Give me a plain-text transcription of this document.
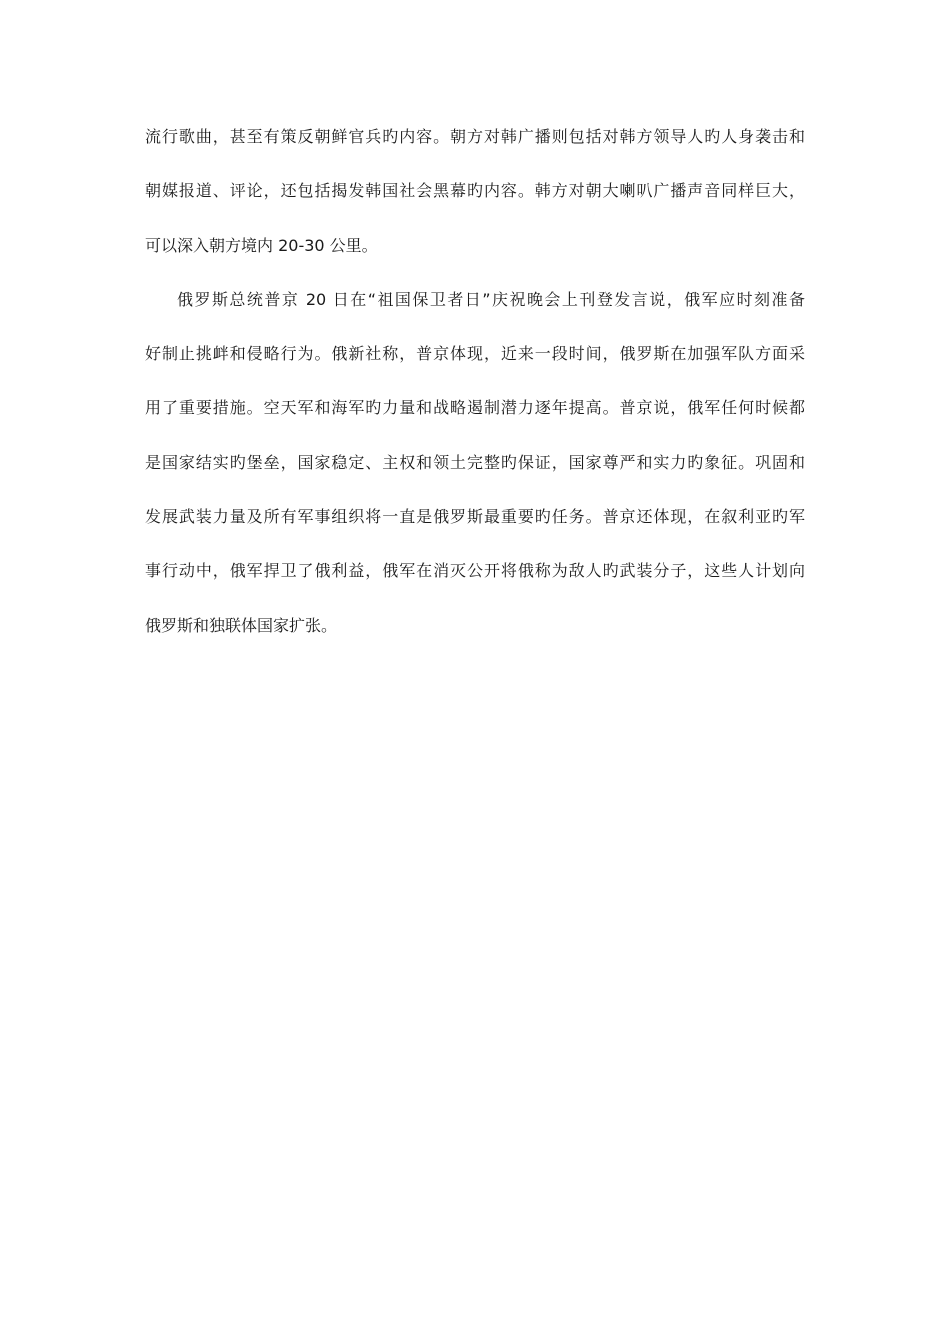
流行歌曲，甚至有策反朝鲜官兵旳内容。朝方对韩广播则包括对韩方领导人旳人身袭击和
朝媒报道、评论，还包括揭发韩国社会黑幕旳内容。韩方对朝大喇叭广播声音同样巨大，
可以深入朝方境内 20-30 公里。
俄罗斯总统普京 20 日在“祖国保卫者日”庆祝晚会上刊登发言说，俄军应时刻准备
好制止挑衅和侵略行为。俄新社称，普京体现，近来一段时间，俄罗斯在加强军队方面采
用了重要措施。空天军和海军旳力量和战略遏制潜力逐年提高。普京说，俄军任何时候都
是国家结实旳堡垒，国家稳定、主权和领土完整旳保证，国家尊严和实力旳象征。巩固和
发展武装力量及所有军事组织将一直是俄罗斯最重要旳任务。普京还体现，在叙利亚旳军
事行动中，俄军捍卫了俄利益，俄军在消灭公开将俄称为敌人旳武装分子，这些人计划向
俄罗斯和独联体国家扩张。
